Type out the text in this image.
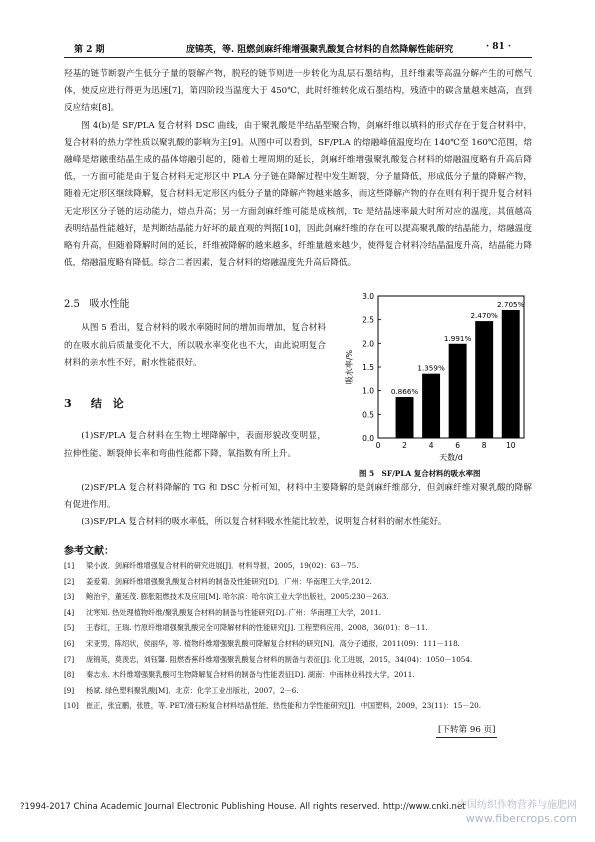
第 2 期	庞锦英，等. 阻燃剑麻纤维增强聚乳酸复合材料的自然降解性能研究	· 81 ·

羟基的链节断裂产生低分子量的裂解产物，脱羟的链节则进一步转化为乱层石墨结构，且纤维素等高温分解产生的可燃气体，使反应进行得更为迅速[7]，第四阶段当温度大于 450℃，此时纤维转化成石墨结构，残渣中的碳含量越来越高，直到反应结束[8]。

图 4(b)是 SF/PLA 复合材料 DSC 曲线，由于聚乳酸是半结晶型聚合物，剑麻纤维以填料的形式存在于复合材料中，复合材料的热力学性质以聚乳酸的影响为主[9]。从图中可以看到，SF/PLA 的熔融峰值温度均在 140℃至 160℃范围，熔融峰是熔融重结晶生成的晶体熔融引起的，随着土埋周期的延长，剑麻纤维增强聚乳酸复合材料的熔融温度略有升高后降低，一方面可能是由于复合材料无定形区中 PLA 分子链在降解过程中发生断裂，分子量降低，形成低分子量的降解产物，随着无定形区继续降解，复合材料无定形区内低分子量的降解产物越来越多，而这些降解产物的存在则有利于提升复合材料无定形区分子链的运动能力，熔点升高；另一方面剑麻纤维可能是成核剂，Tc 是结晶速率最大时所对应的温度，其值越高表明结晶性能越好，是判断结晶能力好坏的最直观的判据[10]，因此剑麻纤维的存在可以提高聚乳酸的结晶能力，熔融温度略有升高，但随着降解时间的延长，纤维被降解的越来越多，纤维量越来越少，使得复合材料冷结晶温度升高，结晶能力降低，熔融温度略有降低。综合二者因素，复合材料的熔融温度先升高后降低。

2.5 吸水性能

从图 5 看出，复合材料的吸水率随时间的增加而增加，复合材料的在吸水前后质量变化不大，所以吸水率变化也不大，由此说明复合材料的亲水性不好，耐水性能很好。

3 结　论

(1)SF/PLA 复合材料在生物土埋降解中，表面形貌改变明显，拉伸性能、断裂伸长率和弯曲性能都下降，氧指数有所上升。

(2)SF/PLA 复合材料降解的 TG 和 DSC 分析可知，材料中主要降解的是剑麻纤维部分，但剑麻纤维对聚乳酸的降解有促进作用。

(3)SF/PLA 复合材料的吸水率低，所以复合材料吸水性能比较差，说明复合材料的耐水性能好。

0.0
0.5
1.0
1.5
2.0
2.5
3.0
0	2	4	6	8	10
0.866%
1.359%
1.991%
2.470%
2.705%
天数/d
吸水率/%
图 5　SF/PLA 复合材料的吸水率图
参考文献：
[1] 梁小波．剑麻纤维增强复合材料的研究进展[J]．材料导报，2005，19(02)：63－75.
[2] 姜爱菊．剑麻纤维增强聚乳酸复合材料的制备及性能研究[D]．广州：华南理工大学,2012.
[3] 鲍治宇，董延茂. 膨胀阻燃技术及应用[M]. 哈尔滨：哈尔滨工业大学出版社，2005:230－263.
[4] 沈寒知. 热处理植物纤维/聚乳酸复合材料的制备与性能研究[D]. 广州：华南理工大学，2011.
[5] 王春红，王瑞. 竹原纤维增强聚乳酸完全可降解材料的性能研究[J]. 工程塑料应用，2008，36(01)：8－11.
[6] 宋亚男，陈绍状，侯丽华，等. 植物纤维增强聚乳酸可降解复合材料的研究[N]．高分子通报，2011(09)：111－118.
[7] 庞锦英，莫羡忠，刘钰馨. 阻燃香蕉纤维增强聚乳酸复合材料的制备与表征[J]. 化工进展，2015，34(04)：1050－1054.
[8] 秦志永. 木纤维增强聚乳酸可生物降解复合材料的制备与性能表征[D]. 湖南：中南林业科技大学，2011.
[9] 杨斌. 绿色塑料聚乳酸[M]．北京：化学工业出版社，2007，2－6.
[10] 崔正，张宜鹏，张胜，等. PET/滑石粉复合材料结晶性能、热性能和力学性能研究[J]．中国塑料，2009，23(11)：15－20.
[下转第 96 页]
?1994-2017 China Academic Journal Electronic Publishing House. All rights reserved. http://www.cnki.net
中国纺织作物营养与施肥网
www.fibercrops.com
